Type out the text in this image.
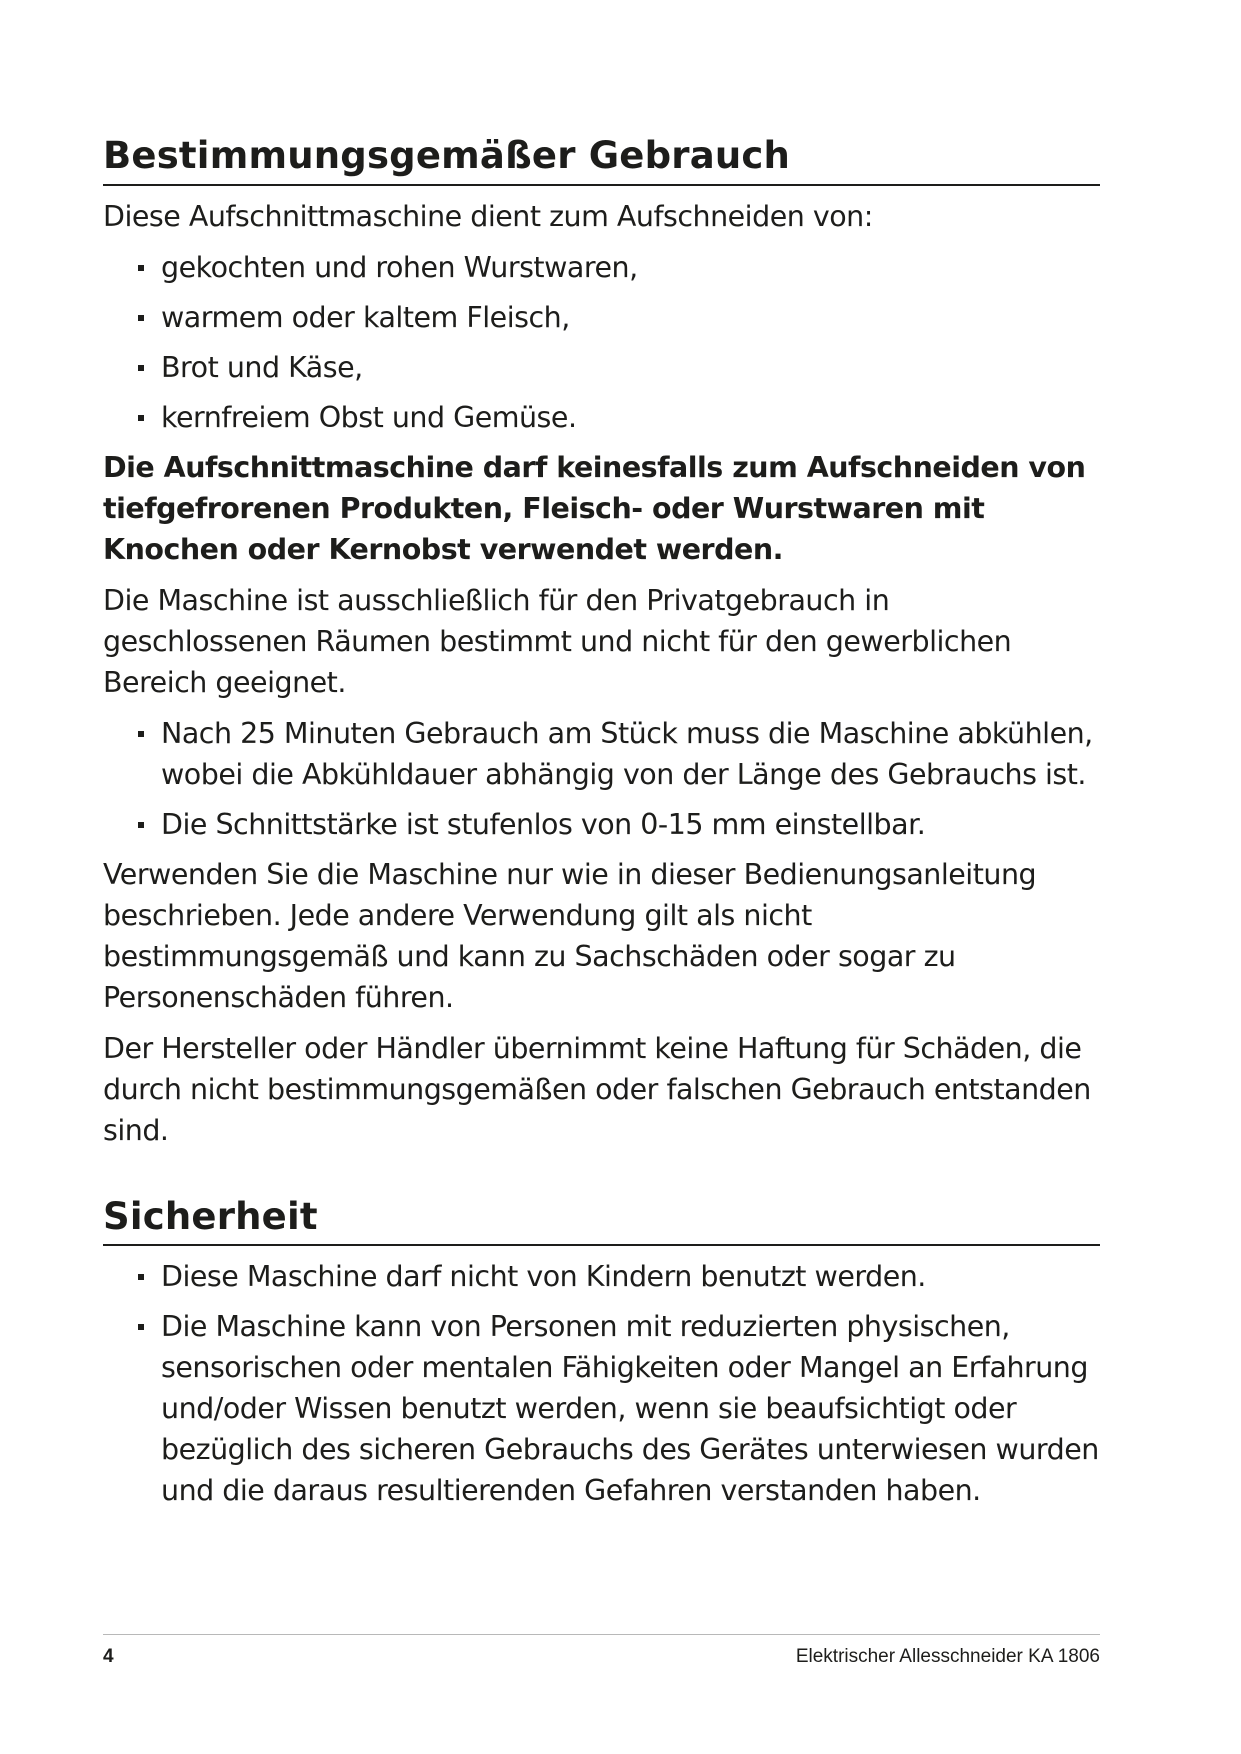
Bestimmungsgemäßer Gebrauch

Diese Aufschnittmaschine dient zum Aufschneiden von:

gekochten und rohen Wurstwaren,
warmem oder kaltem Fleisch,
Brot und Käse,
kernfreiem Obst und Gemüse.

Die Aufschnittmaschine darf keinesfalls zum Aufschneiden von tiefgefrorenen Produkten, Fleisch- oder Wurstwaren mit Knochen oder Kernobst verwendet werden.

Die Maschine ist ausschließlich für den Privatgebrauch in geschlossenen Räumen bestimmt und nicht für den gewerblichen Bereich geeignet.

Nach 25 Minuten Gebrauch am Stück muss die Maschine abkühlen, wobei die Abkühldauer abhängig von der Länge des Gebrauchs ist.
Die Schnittstärke ist stufenlos von 0-15 mm einstellbar.

Verwenden Sie die Maschine nur wie in dieser Bedienungsanleitung beschrieben. Jede andere Verwendung gilt als nicht bestimmungsgemäß und kann zu Sachschäden oder sogar zu Personenschäden führen.

Der Hersteller oder Händler übernimmt keine Haftung für Schäden, die durch nicht bestimmungsgemäßen oder falschen Gebrauch entstanden sind.

Sicherheit
Diese Maschine darf nicht von Kindern benutzt werden.
Die Maschine kann von Personen mit reduzierten physischen, sensorischen oder mentalen Fähigkeiten oder Mangel an Erfahrung und/oder Wissen benutzt werden, wenn sie beaufsichtigt oder bezüglich des sicheren Gebrauchs des Gerätes unterwiesen wurden und die daraus resultierenden Gefahren verstanden haben.
4	Elektrischer Allesschneider KA 1806
